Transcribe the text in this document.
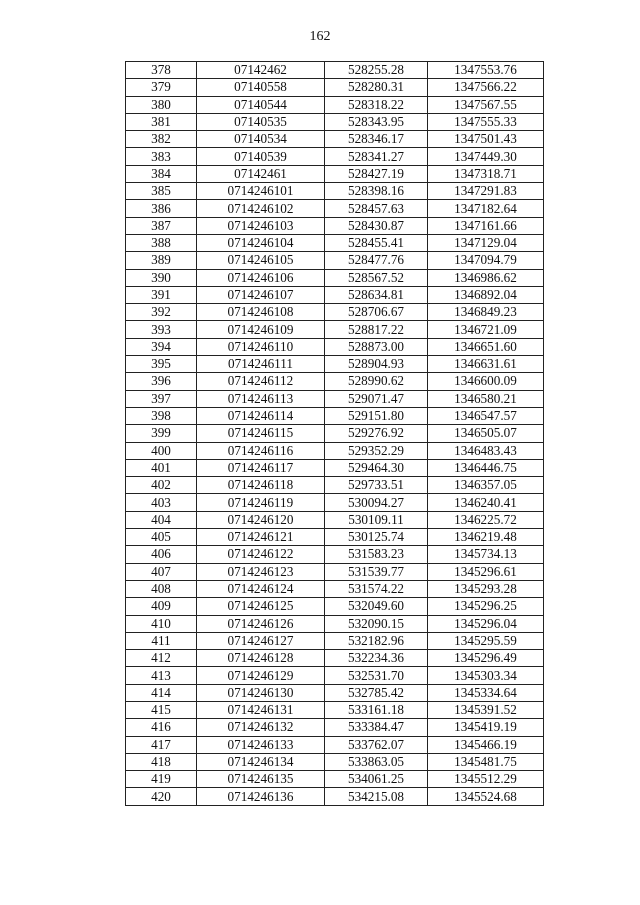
162
378	07142462	528255.28	1347553.76
379	07140558	528280.31	1347566.22
380	07140544	528318.22	1347567.55
381	07140535	528343.95	1347555.33
382	07140534	528346.17	1347501.43
383	07140539	528341.27	1347449.30
384	07142461	528427.19	1347318.71
385	0714246101	528398.16	1347291.83
386	0714246102	528457.63	1347182.64
387	0714246103	528430.87	1347161.66
388	0714246104	528455.41	1347129.04
389	0714246105	528477.76	1347094.79
390	0714246106	528567.52	1346986.62
391	0714246107	528634.81	1346892.04
392	0714246108	528706.67	1346849.23
393	0714246109	528817.22	1346721.09
394	0714246110	528873.00	1346651.60
395	0714246111	528904.93	1346631.61
396	0714246112	528990.62	1346600.09
397	0714246113	529071.47	1346580.21
398	0714246114	529151.80	1346547.57
399	0714246115	529276.92	1346505.07
400	0714246116	529352.29	1346483.43
401	0714246117	529464.30	1346446.75
402	0714246118	529733.51	1346357.05
403	0714246119	530094.27	1346240.41
404	0714246120	530109.11	1346225.72
405	0714246121	530125.74	1346219.48
406	0714246122	531583.23	1345734.13
407	0714246123	531539.77	1345296.61
408	0714246124	531574.22	1345293.28
409	0714246125	532049.60	1345296.25
410	0714246126	532090.15	1345296.04
411	0714246127	532182.96	1345295.59
412	0714246128	532234.36	1345296.49
413	0714246129	532531.70	1345303.34
414	0714246130	532785.42	1345334.64
415	0714246131	533161.18	1345391.52
416	0714246132	533384.47	1345419.19
417	0714246133	533762.07	1345466.19
418	0714246134	533863.05	1345481.75
419	0714246135	534061.25	1345512.29
420	0714246136	534215.08	1345524.68
